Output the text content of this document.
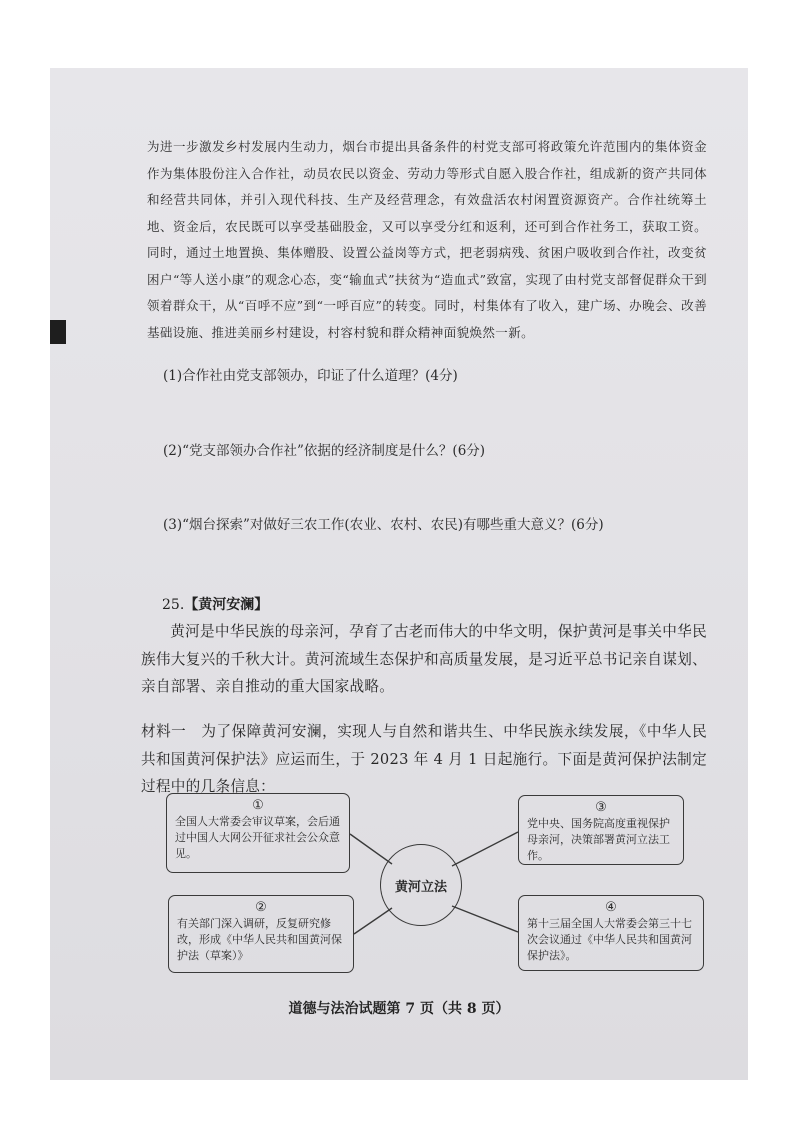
为进一步激发乡村发展内生动力，烟台市提出具备条件的村党支部可将政策允许范围内的集体资金作为集体股份注入合作社，动员农民以资金、劳动力等形式自愿入股合作社，组成新的资产共同体和经营共同体，并引入现代科技、生产及经营理念，有效盘活农村闲置资源资产。合作社统筹土地、资金后，农民既可以享受基础股金，又可以享受分红和返利，还可到合作社务工，获取工资。同时，通过土地置换、集体赠股、设置公益岗等方式，把老弱病残、贫困户吸收到合作社，改变贫困户“等人送小康”的观念心态，变“输血式”扶贫为“造血式”致富，实现了由村党支部督促群众干到领着群众干，从“百呼不应”到“一呼百应”的转变。同时，村集体有了收入，建广场、办晚会、改善基础设施、推进美丽乡村建设，村容村貌和群众精神面貌焕然一新。

(1)合作社由党支部领办，印证了什么道理？(4分)

(2)“党支部领办合作社”依据的经济制度是什么？(6分)

(3)“烟台探索”对做好三农工作(农业、农村、农民)有哪些重大意义？(6分)

25.【黄河安澜】

黄河是中华民族的母亲河，孕育了古老而伟大的中华文明，保护黄河是事关中华民族伟大复兴的千秋大计。黄河流域生态保护和高质量发展，是习近平总书记亲自谋划、亲自部署、亲自推动的重大国家战略。

材料一　为了保障黄河安澜，实现人与自然和谐共生、中华民族永续发展，《中华人民共和国黄河保护法》应运而生，于 2023 年 4 月 1 日起施行。下面是黄河保护法制定过程中的几条信息：

①
全国人大常委会审议草案，会后通过中国人大网公开征求社会公众意见。
②
有关部门深入调研，反复研究修改，形成《中华人民共和国黄河保护法（草案）》
③
党中央、国务院高度重视保护母亲河，决策部署黄河立法工作。
④
第十三届全国人大常委会第三十七次会议通过《中华人民共和国黄河保护法》。
黄河立法

道德与法治试题第 7 页（共 8 页）
